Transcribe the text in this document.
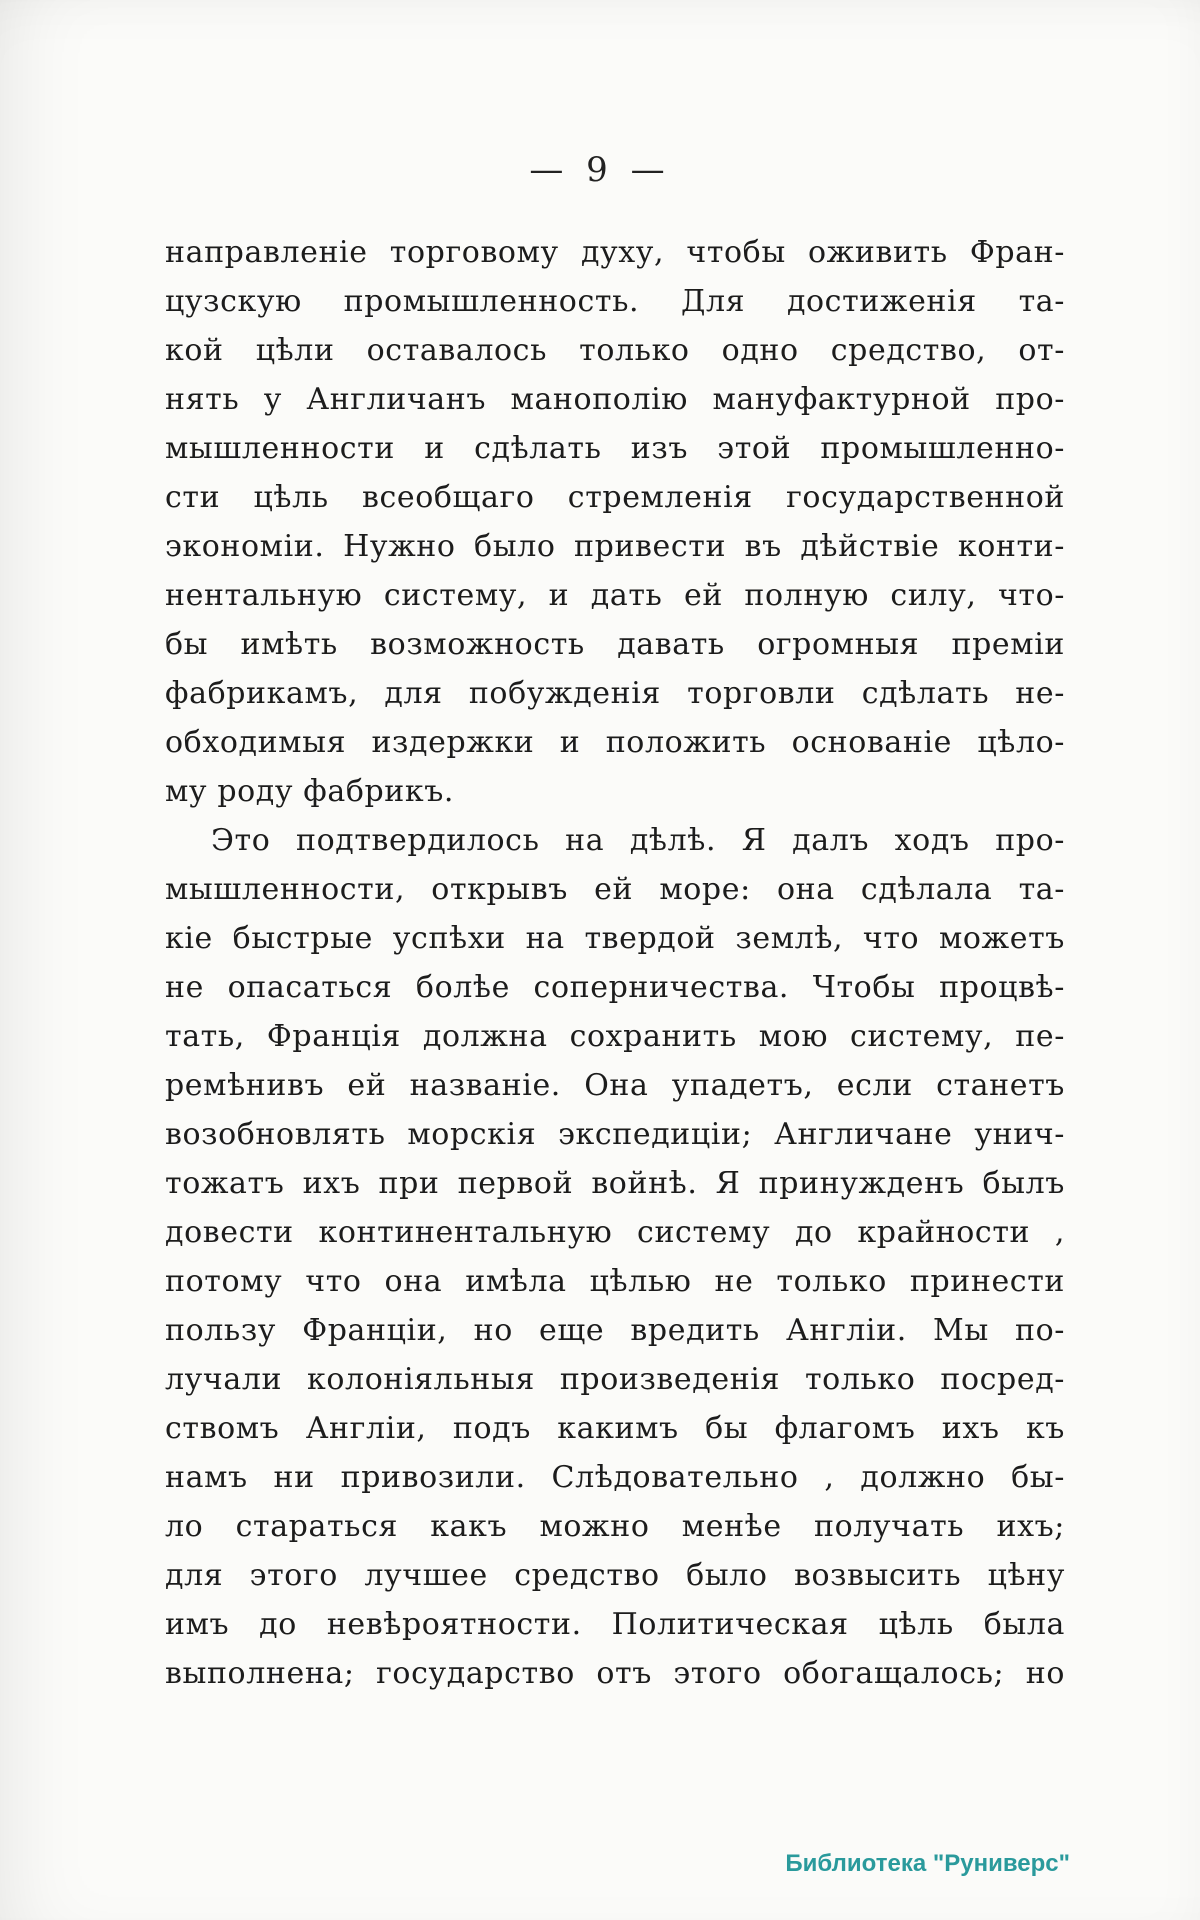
— 9 —
направленіе торговому духу, чтобы оживить Фран-
цузскую промышленность. Для достиженія та-
кой цѣли оставалось только одно средство, от-
нять у Англичанъ манополію мануфактурной про-
мышленности и сдѣлать изъ этой промышленно-
сти цѣль всеобщаго стремленія государственной
экономіи. Нужно было привести въ дѣйствіе конти-
нентальную систему, и дать ей полную силу, что-
бы имѣть возможность давать огромныя преміи
фабрикамъ, для побужденія торговли сдѣлать не-
обходимыя издержки и положить основаніе цѣло-
му роду фабрикъ.
Это подтвердилось на дѣлѣ. Я далъ ходъ про-
мышленности, открывъ ей море: она сдѣлала та-
кіе быстрые успѣхи на твердой землѣ, что можетъ
не опасаться болѣе соперничества. Чтобы процвѣ-
тать, Франція должна сохранить мою систему, пе-
ремѣнивъ ей названіе. Она упадетъ, если станетъ
возобновлять морскія экспедиціи; Англичане унич-
тожатъ ихъ при первой войнѣ. Я принужденъ былъ
довести континентальную систему до крайности ,
потому что она имѣла цѣлью не только принести
пользу Франціи, но еще вредить Англіи. Мы по-
лучали колоніяльныя произведенія только посред-
ствомъ Англіи, подъ какимъ бы флагомъ ихъ къ
намъ ни привозили. Слѣдовательно , должно бы-
ло стараться какъ можно менѣе получать ихъ;
для этого лучшее средство было возвысить цѣну
имъ до невѣроятности. Политическая цѣль была
выполнена; государство отъ этого обогащалось; но
Библиотека "Руниверс"
